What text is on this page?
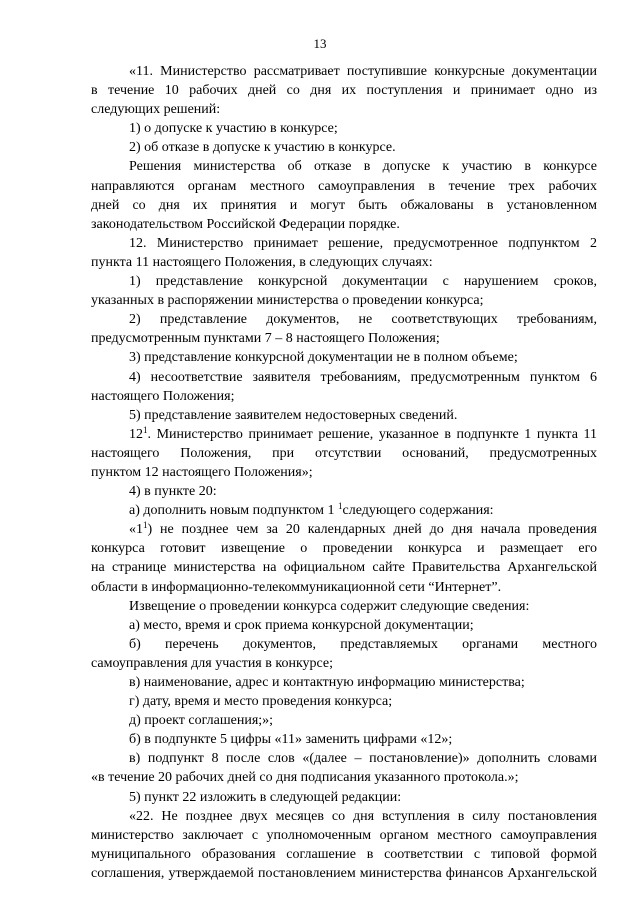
13
«11. Министерство рассматривает поступившие конкурсные документации
в течение 10 рабочих дней со дня их поступления и принимает одно из
следующих решений:
1) о допуске к участию в конкурсе;
2) об отказе в допуске к участию в конкурсе.
Решения министерства об отказе в допуске к участию в конкурсе
направляются органам местного самоуправления в течение трех рабочих
дней со дня их принятия и могут быть обжалованы в установленном
законодательством Российской Федерации порядке.
12. Министерство принимает решение, предусмотренное подпунктом 2
пункта 11 настоящего Положения, в следующих случаях:
1) представление конкурсной документации с нарушением сроков,
указанных в распоряжении министерства о проведении конкурса;
2) представление документов, не соответствующих требованиям,
предусмотренным пунктами 7 – 8 настоящего Положения;
3) представление конкурсной документации не в полном объеме;
4) несоответствие заявителя требованиям, предусмотренным пунктом 6
настоящего Положения;
5) представление заявителем недостоверных сведений.
$12^1$. Министерство принимает решение, указанное в подпункте 1 пункта 11
настоящего Положения, при отсутствии оснований, предусмотренных
пунктом 12 настоящего Положения»;
4) в пункте 20:
а) дополнить новым подпунктом 1 $^1$следующего содержания:
«$1^1$) не позднее чем за 20 календарных дней до дня начала проведения
конкурса готовит извещение о проведении конкурса и размещает его
на странице министерства на официальном сайте Правительства Архангельской
области в информационно-телекоммуникационной сети “Интернет”.
Извещение о проведении конкурса содержит следующие сведения:
а) место, время и срок приема конкурсной документации;
б) перечень документов, представляемых органами местного
самоуправления для участия в конкурсе;
в) наименование, адрес и контактную информацию министерства;
г) дату, время и место проведения конкурса;
д) проект соглашения;»;
б) в подпункте 5 цифры «11» заменить цифрами «12»;
в) подпункт 8 после слов «(далее – постановление)» дополнить словами
«в течение 20 рабочих дней со дня подписания указанного протокола.»;
5) пункт 22 изложить в следующей редакции:
«22. Не позднее двух месяцев со дня вступления в силу постановления
министерство заключает с уполномоченным органом местного самоуправления
муниципального образования соглашение в соответствии с типовой формой
соглашения, утверждаемой постановлением министерства финансов Архангельской
